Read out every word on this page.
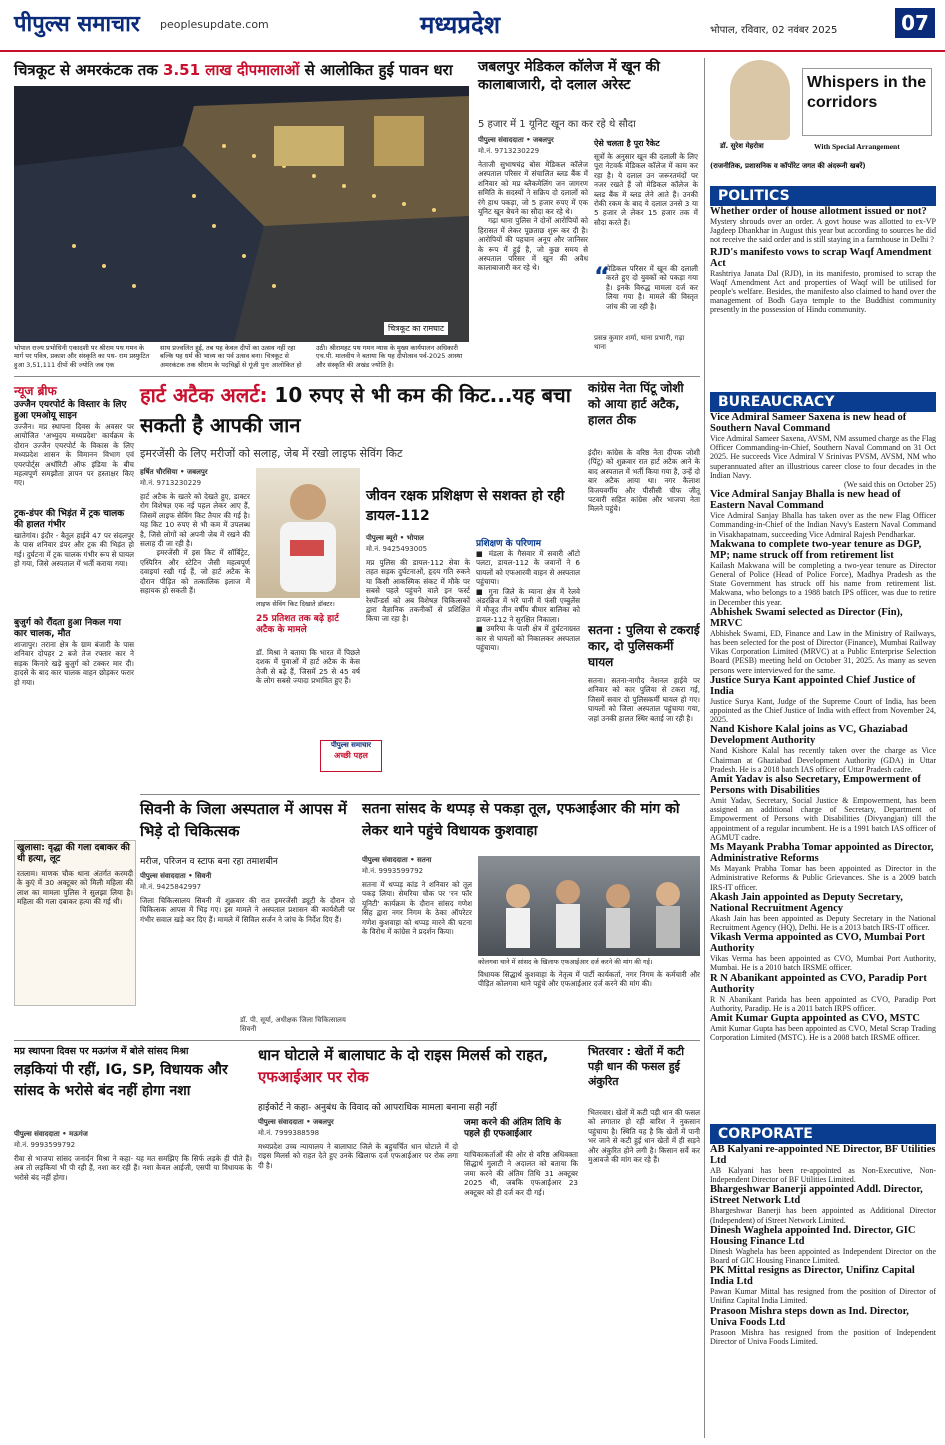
पीपुल्स समाचार peoplesupdate.com	मध्यप्रदेश	भोपाल, रविवार, 02 नवंबर 2025	07
चित्रकूट से अमरकंटक तक 3.51 लाख दीपमालाओं से आलोकित हुई पावन धरा
चित्रकूट का रामघाट
भोपाल राज्य प्रभोधिनी एकादशी पर श्रीराम पथ गमन के मार्ग पर पवित्र, प्रकाश और संस्कृति का पथ- राम प्रस्फुटित हुआ 3,51,111 दीपों की ज्योति जब एक
साथ प्रज्वलित हुई, तब यह केवल दीपों का उत्सव नहीं रहा बल्कि यह धर्म की भाव्य का पर्व उत्सव बना। चित्रकूट से अमरकंटक तक श्रीराम के पदचिह्नों से गूंजी पुनः आलोकित हो
उठी। श्रीरामहट पथ गमन न्यास के मुख्य कार्यपालन अधिकारी एच.पी. मालवीय ने बताया कि यह दीपोत्सव पर्व-2025 आस्था और संस्कृति की अखंड ज्योति है।
जबलपुर मेडिकल कॉलेज में खून की कालाबाजारी, दो दलाल अरेस्ट
5 हजार में 1 यूनिट खून का कर रहे थे सौदा
पीपुल्स संवाददाता • जबलपुर
मो.नं. 9713230229
नेताजी सुभाषचंद्र बोस मेडिकल कॉलेज अस्पताल परिसर में संचालित ब्लड बैंक में शनिवार को मप्र ब्लैकमेलिंग जन जागरण समिति के सदस्यों ने सक्रिय दो दलालों को रंगे हाथ पकड़ा, जो 5 हजार रुपए में एक यूनिट खून बेचने का सौदा कर रहे थे।
गढ़ा थाना पुलिस ने दोनों आरोपियों को हिरासत में लेकर पूछताछ शुरू कर दी है। आरोपियों की पहचान अनूप और जानिसर के रूप में हुई है, जो कुछ समय से अस्पताल परिसर में खून की अवैध कालाबाजारी कर रहे थे।
ऐसे चलता है पूरा रैकेट
सूत्रों के अनुसार खून की दलाली के लिए पूरा नेटवर्क मेडिकल कॉलेज में काम कर रहा है। ये दलाल उन जरूरतमंदों पर नजर रखते हैं जो मेडिकल कॉलेज के ब्लड बैंक में ब्लड लेने आते हैं। उनकी रोकी रकम के बाद ये दलाल उनसे 3 या 5 हजार ले लेकर 15 हजार तक में सौदा करते हैं।
“
मेडिकल परिसर में खून की दलाली करते हुए दो युवकों को पकड़ा गया है। इनके विरुद्ध मामला दर्ज कर लिया गया है। मामले की विस्तृत जांच की जा रही है।
प्रसन्न कुमार शर्मा, थाना प्रभारी, गढ़ा थाना
Whispers in the corridors
डॉ. सुरेश मेहरोत्रा	With Special Arrangement
(राजनीतिक, प्रशासनिक व कॉर्पोरेट जगत की अंदरूनी खबरें)
POLITICS
Whether order of house allotment issued or not?
Mystery shrouds over an order. A govt house was allotted to ex-VP Jagdeep Dhankhar in August this year but according to sources he did not receive the said order and is still staying in a farmhouse in Delhi ?
RJD's manifesto vows to scrap Waqf Amendment Act
Rashtriya Janata Dal (RJD), in its manifesto, promised to scrap the Waqf Amendment Act and properties of Waqf will be utilised for people's welfare. Besides, the manifesto also claimed to hand over the management of Bodh Gaya temple to the Buddhist community presently in the possession of Hindu community.
BUREAUCRACY
Vice Admiral Sameer Saxena is new head of Southern Naval Command
Vice Admiral Sameer Saxena, AVSM, NM assumed charge as the Flag Officer Commanding-in-Chief, Southern Naval Command on 31 Oct 2025. He succeeds Vice Admiral V Srinivas PVSM, AVSM, NM who superannuated after an illustrious career close to four decades in the Indian Navy.
(We said this on October 25)
Vice Admiral Sanjay Bhalla is new head of Eastern Naval Command
Vice Admiral Sanjay Bhalla has taken over as the new Flag Officer Commanding-in-Chief of the Indian Navy's Eastern Naval Command in Visakhapatnam, succeeding Vice Admiral Rajesh Pendharkar.
Makwana to complete two-year tenure as DGP, MP; name struck off from retirement list
Kailash Makwana will be completing a two-year tenure as Director General of Police (Head of Police Force), Madhya Pradesh as the State Government has struck off his name from retirement list. Makwana, who belongs to a 1988 batch IPS officer, was due to retire in December this year.
Abhishek Swami selected as Director (Fin), MRVC
Abhishek Swami, ED, Finance and Law in the Ministry of Railways, has been selected for the post of Director (Finance), Mumbai Railway Vikas Corporation Limited (MRVC) at a Public Enterprise Selection Board (PESB) meeting held on October 31, 2025. As many as seven persons were interviewed for the same.
Justice Surya Kant appointed Chief Justice of India
Justice Surya Kant, Judge of the Supreme Court of India, has been appointed as the Chief Justice of India with effect from November 24, 2025.
Nand Kishore Kalal joins as VC, Ghaziabad Development Authority
Nand Kishore Kalal has recently taken over the charge as Vice Chairman at Ghaziabad Development Authority (GDA) in Uttar Pradesh. He is a 2018 batch IAS officer of Uttar Pradesh cadre.
Amit Yadav is also Secretary, Empowerment of Persons with Disabilities
Amit Yadav, Secretary, Social Justice & Empowerment, has been assigned an additional charge of Secretary, Department of Empowerment of Persons with Disabilities (Divyangjan) till the appointment of a regular incumbent. He is a 1991 batch IAS officer of AGMUT cadre.
Ms Mayank Prabha Tomar appointed as Director, Administrative Reforms
Ms Mayank Prabha Tomar has been appointed as Director in the Administrative Reforms & Public Grievances. She is a 2009 batch IRS-IT officer.
Akash Jain appointed as Deputy Secretary, National Recruitment Agency
Akash Jain has been appointed as Deputy Secretary in the National Recruitment Agency (HQ), Delhi. He is a 2013 batch IRS-IT officer.
Vikash Verma appointed as CVO, Mumbai Port Authority
Vikas Verma has been appointed as CVO, Mumbai Port Authority, Mumbai. He is a 2010 batch IRSME officer.
R N Abanikant appointed as CVO, Paradip Port Authority
R N Abanikant Parida has been appointed as CVO, Paradip Port Authority, Paradip. He is a 2011 batch IRPS officer.
Amit Kumar Gupta appointed as CVO, MSTC
Amit Kumar Gupta has been appointed as CVO, Metal Scrap Trading Corporation Limited (MSTC). He is a 2008 batch IRSME officer.
CORPORATE
AB Kalyani re-appointed NE Director, BF Utilities Ltd
AB Kalyani has been re-appointed as Non-Executive, Non-Independent Director of BF Utilities Limited.
Bhargeshwar Banerji appointed Addl. Director, iStreet Network Ltd
Bhargeshwar Banerji has been appointed as Additional Director (Independent) of iStreet Network Limited.
Dinesh Waghela appointed Ind. Director, GIC Housing Finance Ltd
Dinesh Waghela has been appointed as Independent Director on the Board of GIC Housing Finance Limited.
PK Mittal resigns as Director, Unifinz Capital India Ltd
Pawan Kumar Mittal has resigned from the position of Director of Unifinz Capital India Limited.
Prasoon Mishra steps down as Ind. Director, Univa Foods Ltd
Prasoon Mishra has resigned from the position of Independent Director of Univa Foods Limited.
न्यूज ब्रीफ
उज्जैन एयरपोर्ट के विस्तार के लिए हुआ एमओयू साइन
उज्जैन। मप्र स्थापना दिवस के अवसर पर आयोजित 'अभ्युदय मध्यप्रदेश' कार्यक्रम के दौरान उज्जैन एयरपोर्ट के विकास के लिए मध्यप्रदेश शासन के विमानन विभाग एवं एयरपोर्ट्स अथॉरिटी ऑफ इंडिया के बीच महत्वपूर्ण समझौता ज्ञापन पर हस्ताक्षर किए गए।
ट्रक-डंपर की भिड़ंत में ट्रक चालक की हालत गंभीर
खातेगांव। इंदौर - बैतूल हाईवे 47 पर संदलपुर के पास शनिवार डंपर और ट्रक की भिड़ंत हो गई। दुर्घटना में ट्रक चालक गंभीर रूप से घायल हो गया, जिसे अस्पताल में भर्ती कराया गया।
बुजुर्ग को रौंदता हुआ निकल गया कार चालक, मौत
शाजापुर। तराना क्षेत्र के ग्राम बंजारी के पास शनिवार दोपहर 2 बजे तेज रफ्तार कार ने सड़क किनारे खड़े बुजुर्ग को टक्कर मार दी। हादसे के बाद कार चालक वाहन छोड़कर फरार हो गया।
खुलासा: वृद्धा की गला दबाकर की थी हत्या, लूट
रतलाम। माणक चौक थाना अंतर्गत करमदी के कुएं में 30 अक्टूबर को मिली महिला की लाश का मामला पुलिस ने सुलझा लिया है। महिला की गला दबाकर हत्या की गई थी।
हार्ट अटैक अलर्ट: 10 रुपए से भी कम की किट...यह बचा सकती है आपकी जान
इमरजेंसी के लिए मरीजों को सलाह, जेब में रखो लाइफ सेविंग किट
हर्षित चौरसिया • जबलपुर
मो.नं. 9713230229
हार्ट अटैक के खतरे को देखते हुए, डाक्टर रोग विशेषज्ञ एक नई पहल लेकर आए हैं, जिसमें लाइफ सेविंग किट तैयार की गई है। यह किट 10 रुपए से भी कम में उपलब्ध है, जिसे लोगों को अपनी जेब में रखने की सलाह दी जा रही है।
इमरजेंसी में इस किट में सॉर्बिट्रेट, एस्पिरिन और स्टेटिन जैसी महत्वपूर्ण दवाइयां रखी गई हैं, जो हार्ट अटैक के दौरान पीड़ित को तत्कालिक इलाज में सहायक हो सकती हैं।
लाइफ सेविंग किट दिखाते डॉक्टर।
25 प्रतिशत तक बढ़े हार्ट अटैक के मामले
डॉ. मिश्रा ने बताया कि भारत में पिछले दशक में युवाओं में हार्ट अटैक के केस तेजी से बढ़े हैं, जिसमें 25 से 45 वर्ष के लोग सबसे ज्यादा प्रभावित हुए हैं।
पीपुल्स समाचार
अच्छी पहल
जीवन रक्षक प्रशिक्षण से सशक्त हो रही डायल-112
पीपुल्स ब्यूरो • भोपाल
मो.नं. 9425493005
मप्र पुलिस की डायल-112 सेवा के तहत सड़क दुर्घटनाओं, हृदय गति रुकने या किसी आकस्मिक संकट में मौके पर सबसे पहले पहुंचने वाले इन फर्स्ट रेस्पॉन्डर्स को अब विशेषज्ञ चिकित्सकों द्वारा वैज्ञानिक तकनीकों से प्रशिक्षित किया जा रहा है।
प्रशिक्षण के परिणाम
■ मंडला के गैसवार में सवारी ऑटो पलटा, डायल-112 के जवानों ने 6 घायलों को एफआरवी वाहन से अस्पताल पहुंचाया।
■ गुना जिले के म्याना क्षेत्र में रेलवे अंडरब्रिज में भरे पानी में फंसी एम्बुलेंस में मौजूद तीन वर्षीय बीमार बालिका को डायल-112 ने सुरक्षित निकाला।
■ उमरिया के पाली क्षेत्र में दुर्घटनाग्रस्त कार से घायलों को निकालकर अस्पताल पहुंचाया।
कांग्रेस नेता पिंटू जोशी को आया हार्ट अटैक, हालत ठीक
इंदौर। कांग्रेस के वरिष्ठ नेता दीपक जोशी (पिंटू) को शुक्रवार रात हार्ट अटैक आने के बाद अस्पताल में भर्ती किया गया है, उन्हें दो बार अटैक आया था। नगर कैलाश विजयवर्गीय और पीसीसी चीफ जीतू पटवारी सहित कांग्रेस और भाजपा नेता मिलने पहुंचे।
सतना : पुलिया से टकराई कार, दो पुलिसकर्मी घायल
सतना। सतना-नागौद नेशनल हाईवे पर शनिवार को कार पुलिया से टकरा गई, जिसमें सवार दो पुलिसकर्मी घायल हो गए। घायलों को जिला अस्पताल पहुंचाया गया, जहां उनकी हालत स्थिर बताई जा रही है।
सिवनी के जिला अस्पताल में आपस में भिड़े दो चिकित्सक
मरीज, परिजन व स्टाफ बना रहा तमाशबीन
पीपुल्स संवाददाता • सिवनी
मो.नं. 9425842997
जिला चिकित्सालय सिवनी में शुक्रवार की रात इमरजेंसी ड्यूटी के दौरान दो चिकित्सक आपस में भिड़ गए। इस मामले ने अस्पताल प्रशासन की कार्यशैली पर गंभीर सवाल खड़े कर दिए हैं। मामले में सिविल सर्जन ने जांच के निर्देश दिए हैं।
डॉ. पी. सूर्या, अधीक्षक जिला चिकित्सालय सिवनी
सतना सांसद के थप्पड़ से पकड़ा तूल, एफआईआर की मांग को लेकर थाने पहुंचे विधायक कुशवाहा
पीपुल्स संवाददाता • सतना
मो.नं. 9993599792
सतना में थप्पड़ कांड ने शनिवार को तूल पकड़ लिया। सेमरिया चौक पर 'रन फॉर यूनिटी' कार्यक्रम के दौरान सांसद गणेश सिंह द्वारा नगर निगम के ठेका ऑपरेटर गणेश कुशवाहा को थप्पड़ मारने की घटना के विरोध में कांग्रेस ने प्रदर्शन किया।
कोलगवा थाने में सांसद के खिलाफ एफआईआर दर्ज करने की मांग की गई।
विधायक सिद्धार्थ कुशवाहा के नेतृत्व में पार्टी कार्यकर्ता, नगर निगम के कर्मचारी और पीड़ित कोलगवा थाने पहुंचे और एफआईआर दर्ज करने की मांग की।
मप्र स्थापना दिवस पर मऊगंज में बोले सांसद मिश्रा
लड़कियां पी रहीं, IG, SP, विधायक और सांसद के भरोसे बंद नहीं होगा नशा
पीपुल्स संवाददाता • मऊगंज
मो.नं. 9993599792
रीवा से भाजपा सांसद जनार्दन मिश्रा ने कहा- यह मत समझिए कि सिर्फ लड़के ही पीते हैं। अब तो लड़कियां भी पी रही हैं, नशा कर रही हैं। नशा केवल आईजी, एसपी या विधायक के भरोसे बंद नहीं होगा।
धान घोटाले में बालाघाट के दो राइस मिलर्स को राहत, एफआईआर पर रोक
हाईकोर्ट ने कहा- अनुबंध के विवाद को आपराधिक मामला बनाना सही नहीं
पीपुल्स संवाददाता • जबलपुर
मो.नं. 7999388598
मध्यप्रदेश उच्च न्यायालय ने बालाघाट जिले के बहुचर्चित धान घोटाले में दो राइस मिलर्स को राहत देते हुए उनके खिलाफ दर्ज एफआईआर पर रोक लगा दी है।
जमा करने की अंतिम तिथि के पहले ही एफआईआर
याचिकाकर्ताओं की ओर से वरिष्ठ अधिवक्ता सिद्धार्थ गुलाटी ने अदालत को बताया कि जमा करने की अंतिम तिथि 31 अक्टूबर 2025 थी, जबकि एफआईआर 23 अक्टूबर को ही दर्ज कर दी गई।
भितरवार : खेतों में कटी पड़ी धान की फसल हुई अंकुरित
भितरवार। खेतों में कटी पड़ी धान की फसल को लगातार हो रही बारिश ने नुकसान पहुंचाया है। स्थिति यह है कि खेतों में पानी भर जाने से कटी हुई धान खेतों में ही सड़ने और अंकुरित होने लगी है। किसान सर्वे कर मुआवजे की मांग कर रहे हैं।
